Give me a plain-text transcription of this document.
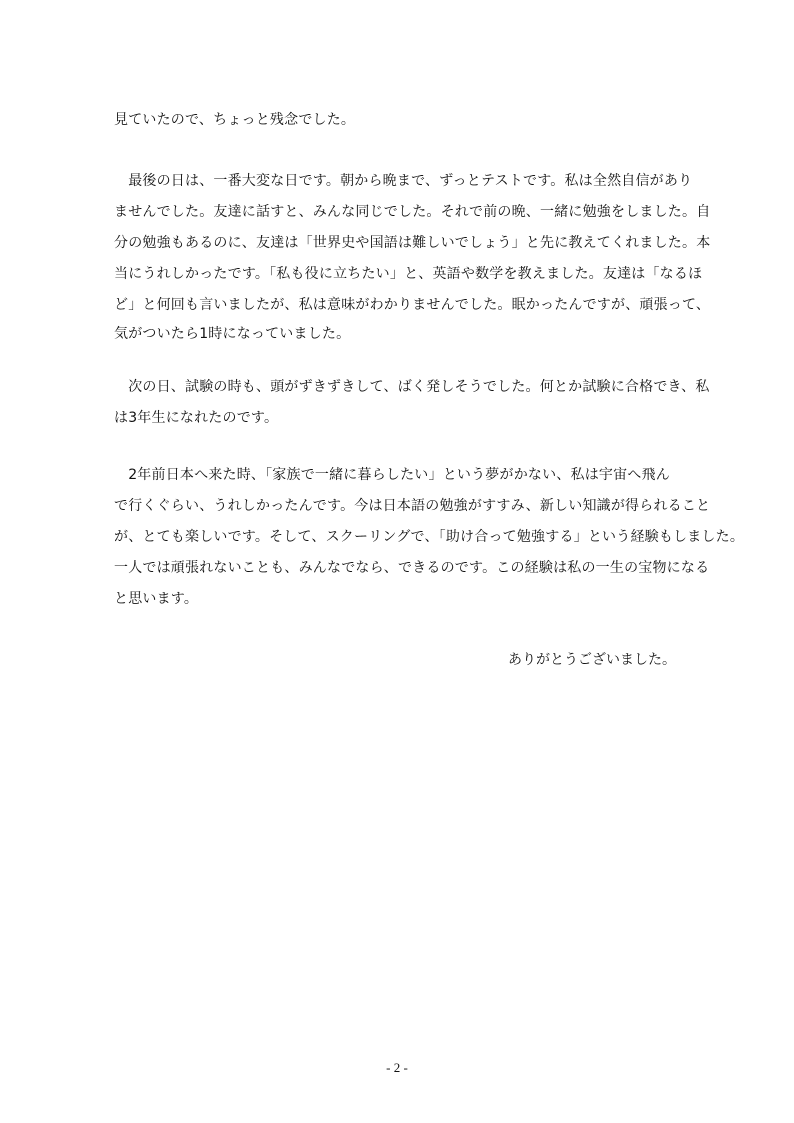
見ていたので、ちょっと残念でした。
　最後の日は、一番大変な日です。朝から晩まで、ずっとテストです。私は全然自信があり
ませんでした。友達に話すと、みんな同じでした。それで前の晩、一緒に勉強をしました。自
分の勉強もあるのに、友達は「世界史や国語は難しいでしょう」と先に教えてくれました。本
当にうれしかったです。「私も役に立ちたい」と、英語や数学を教えました。友達は「なるほ
ど」と何回も言いましたが、私は意味がわかりませんでした。眠かったんですが、頑張って、
気がついたら1時になっていました。
　次の日、試験の時も、頭がずきずきして、ばく発しそうでした。何とか試験に合格でき、私
は3年生になれたのです。
　2年前日本へ来た時、「家族で一緒に暮らしたい」という夢がかない、私は宇宙へ飛ん
で行くぐらい、うれしかったんです。今は日本語の勉強がすすみ、新しい知識が得られること
が、とても楽しいです。そして、スクーリングで、「助け合って勉強する」という経験もしました。
一人では頑張れないことも、みんなでなら、できるのです。この経験は私の一生の宝物になる
と思います。
ありがとうございました。
- 2 -
